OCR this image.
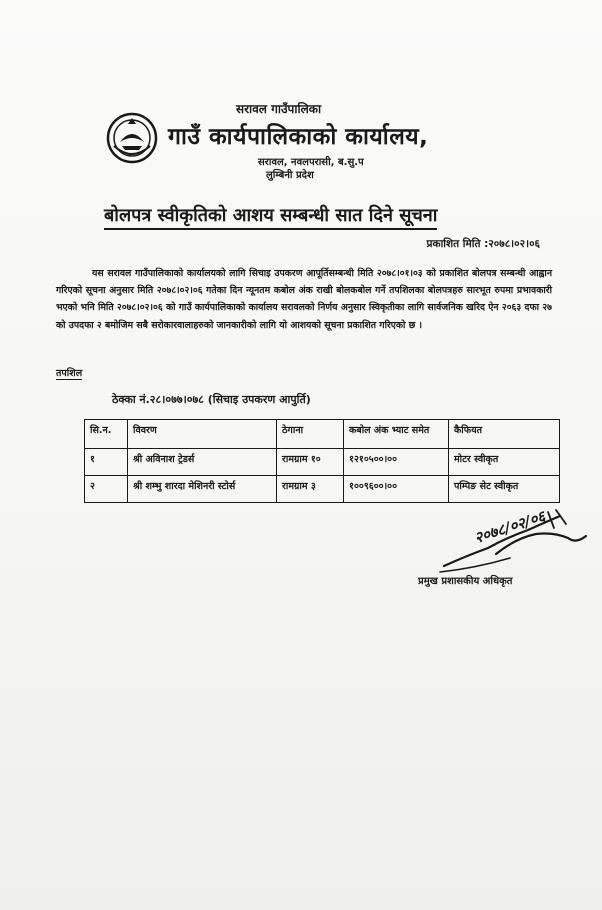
सरावल गाउँपालिका
गाउँ कार्यपालिकाको कार्यालय,
सरावल, नवलपरासी, ब.सु.प
लुम्बिनी प्रदेश
बोलपत्र स्वीकृतिको आशय सम्बन्धी सात दिने सूचना
प्रकाशित मिति :२०७८।०२।०६
यस सरावल गाउँपालिकाको कार्यालयको लागि सिचाइ उपकरण आपूर्तिसम्बन्धी मिति २०७८।०१।०३ को प्रकाशित बोलपत्र सम्बन्धी आह्वान गरिएको सूचना अनुसार मिति २०७८।०२।०६ गतेका दिन न्यूनतम कबोल अंक राखी बोलकबोल गर्ने तपशिलका बोलपत्रहरु सारभूत रुपमा प्रभावकारी भएको भनि मिति २०७८।०२।०६ को गाउँ कार्यपालिकाको कार्यालय सरावलको निर्णय अनुसार स्विकृतीका लागि सार्वजनिक खरिद ऐन २०६३ दफा २७ को उपदफा २ बमोजिम सबै सरोकारवालाहरुको जानकारीको लागि यो आशयको सूचना प्रकाशित गरिएको छ ।
तपशिल
ठेक्का नं.२८।०७७।०७८ (सिचाइ उपकरण आपुर्ति)
सि.न.	विवरण	ठेगाना	कबोल अंक भ्याट समेत	कैफियत
१	श्री अविनाश ट्रेडर्स	रामग्राम १०	१२१०५००।००	मोटर स्वीकृत
२	श्री शम्भु शारदा मेशिनरी स्टोर्स	रामग्राम ३	१००९६००।००	पम्पिङ सेट स्वीकृत
२०७८/०२/०६
प्रमुख प्रशासकीय अधिकृत
